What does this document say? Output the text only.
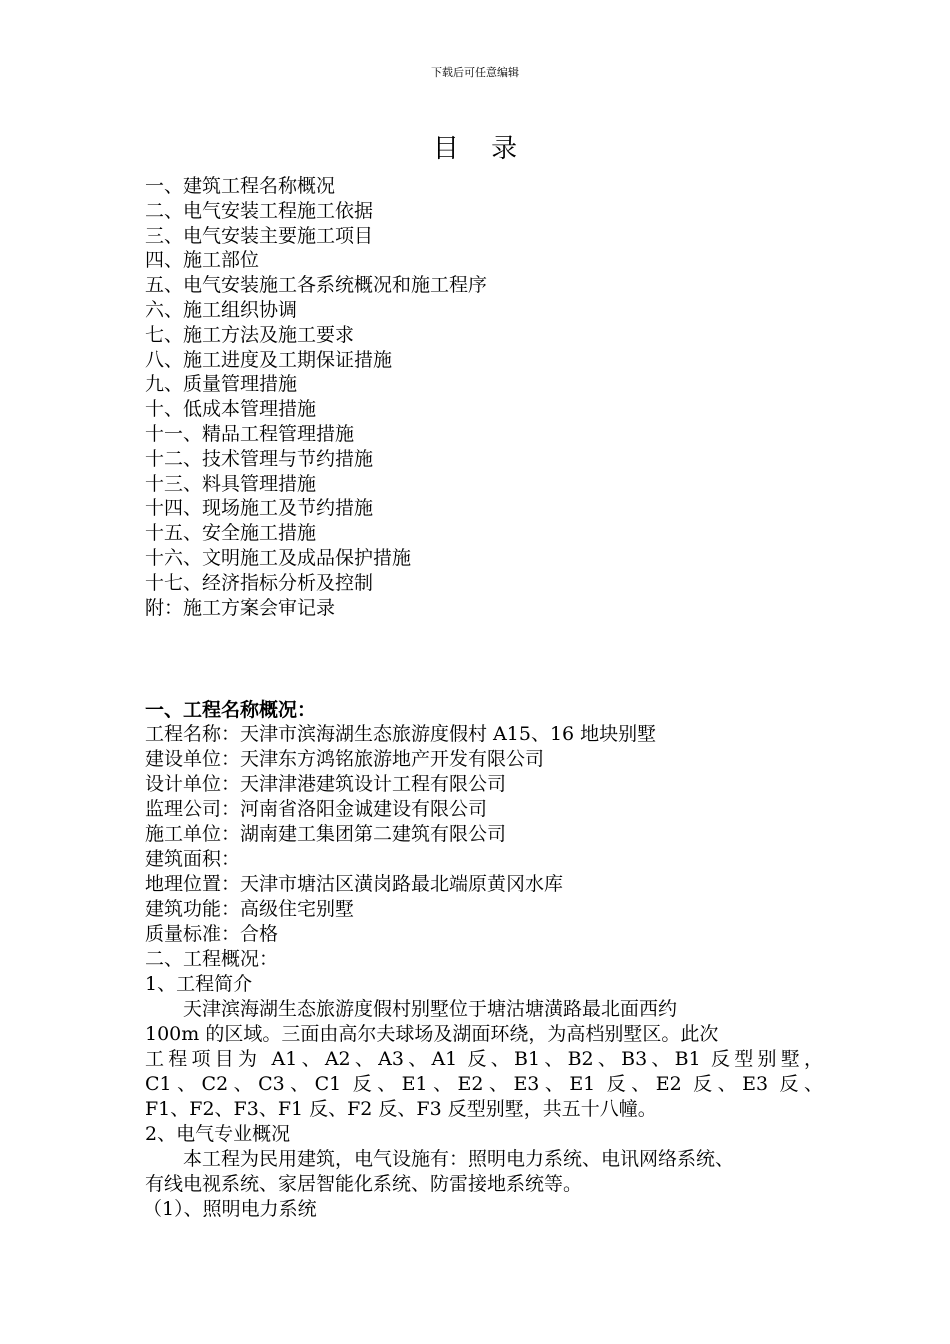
下载后可任意编辑
目 录
一、建筑工程名称概况
二、电气安装工程施工依据
三、电气安装主要施工项目
四、施工部位
五、电气安装施工各系统概况和施工程序
六、施工组织协调
七、施工方法及施工要求
八、施工进度及工期保证措施
九、质量管理措施
十、低成本管理措施
十一、精品工程管理措施
十二、技术管理与节约措施
十三、料具管理措施
十四、现场施工及节约措施
十五、安全施工措施
十六、文明施工及成品保护措施
十七、经济指标分析及控制
附：施工方案会审记录
一、工程名称概况：
工程名称：天津市滨海湖生态旅游度假村 A15、16 地块别墅
建设单位：天津东方鸿铭旅游地产开发有限公司
设计单位：天津津港建筑设计工程有限公司
监理公司：河南省洛阳金诚建设有限公司
施工单位：湖南建工集团第二建筑有限公司
建筑面积：
地理位置：天津市塘沽区潢岗路最北端原黄冈水库
建筑功能：高级住宅别墅
质量标准：合格
二、工程概况：
1、工程简介
　　天津滨海湖生态旅游度假村别墅位于塘沽塘潢路最北面西约
100m 的区域。三面由高尔夫球场及湖面环绕，为高档别墅区。此次
工程项目为 A1、A2、A3、A1 反、B1、B2、B3、B1 反型别墅，
C1、C2、C3、C1 反、E1、E2、E3、E1 反、E2 反、E3 反、
F1、F2、F3、F1 反、F2 反、F3 反型别墅，共五十八幢。
2、电气专业概况
　　本工程为民用建筑，电气设施有：照明电力系统、电讯网络系统、
有线电视系统、家居智能化系统、防雷接地系统等。
（1）、照明电力系统
